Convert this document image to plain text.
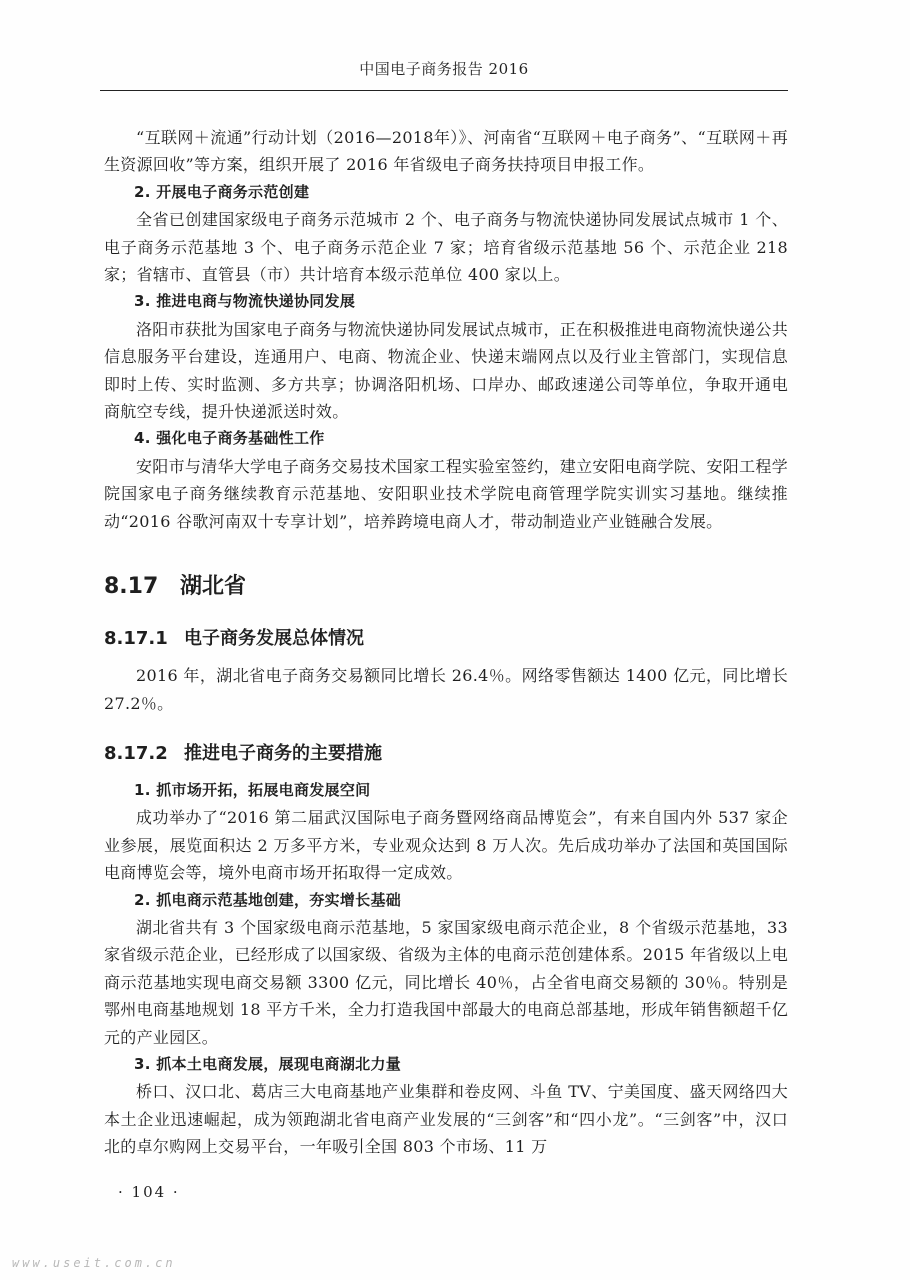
中国电子商务报告 2016

“互联网＋流通”行动计划（2016—2018年）》、河南省“互联网＋电子商务”、“互联网＋再生资源回收”等方案，组织开展了 2016 年省级电子商务扶持项目申报工作。

2. 开展电子商务示范创建

全省已创建国家级电子商务示范城市 2 个、电子商务与物流快递协同发展试点城市 1 个、电子商务示范基地 3 个、电子商务示范企业 7 家；培育省级示范基地 56 个、示范企业 218 家；省辖市、直管县（市）共计培育本级示范单位 400 家以上。

3. 推进电商与物流快递协同发展

洛阳市获批为国家电子商务与物流快递协同发展试点城市，正在积极推进电商物流快递公共信息服务平台建设，连通用户、电商、物流企业、快递末端网点以及行业主管部门，实现信息即时上传、实时监测、多方共享；协调洛阳机场、口岸办、邮政速递公司等单位，争取开通电商航空专线，提升快递派送时效。

4. 强化电子商务基础性工作

安阳市与清华大学电子商务交易技术国家工程实验室签约，建立安阳电商学院、安阳工程学院国家电子商务继续教育示范基地、安阳职业技术学院电商管理学院实训实习基地。继续推动“2016 谷歌河南双十专享计划”，培养跨境电商人才，带动制造业产业链融合发展。

8.17 湖北省
8.17.1 电子商务发展总体情况

2016 年，湖北省电子商务交易额同比增长 26.4％。网络零售额达 1400 亿元，同比增长 27.2％。

8.17.2 推进电子商务的主要措施
1. 抓市场开拓，拓展电商发展空间

成功举办了“2016 第二届武汉国际电子商务暨网络商品博览会”，有来自国内外 537 家企业参展，展览面积达 2 万多平方米，专业观众达到 8 万人次。先后成功举办了法国和英国国际电商博览会等，境外电商市场开拓取得一定成效。

2. 抓电商示范基地创建，夯实增长基础

湖北省共有 3 个国家级电商示范基地，5 家国家级电商示范企业，8 个省级示范基地，33 家省级示范企业，已经形成了以国家级、省级为主体的电商示范创建体系。2015 年省级以上电商示范基地实现电商交易额 3300 亿元，同比增长 40％，占全省电商交易额的 30％。特别是鄂州电商基地规划 18 平方千米，全力打造我国中部最大的电商总部基地，形成年销售额超千亿元的产业园区。

3. 抓本土电商发展，展现电商湖北力量

桥口、汉口北、葛店三大电商基地产业集群和卷皮网、斗鱼 TV、宁美国度、盛天网络四大本土企业迅速崛起，成为领跑湖北省电商产业发展的“三剑客”和“四小龙”。“三剑客”中，汉口北的卓尔购网上交易平台，一年吸引全国 803 个市场、11 万

· 104 ·
www.useit.com.cn
